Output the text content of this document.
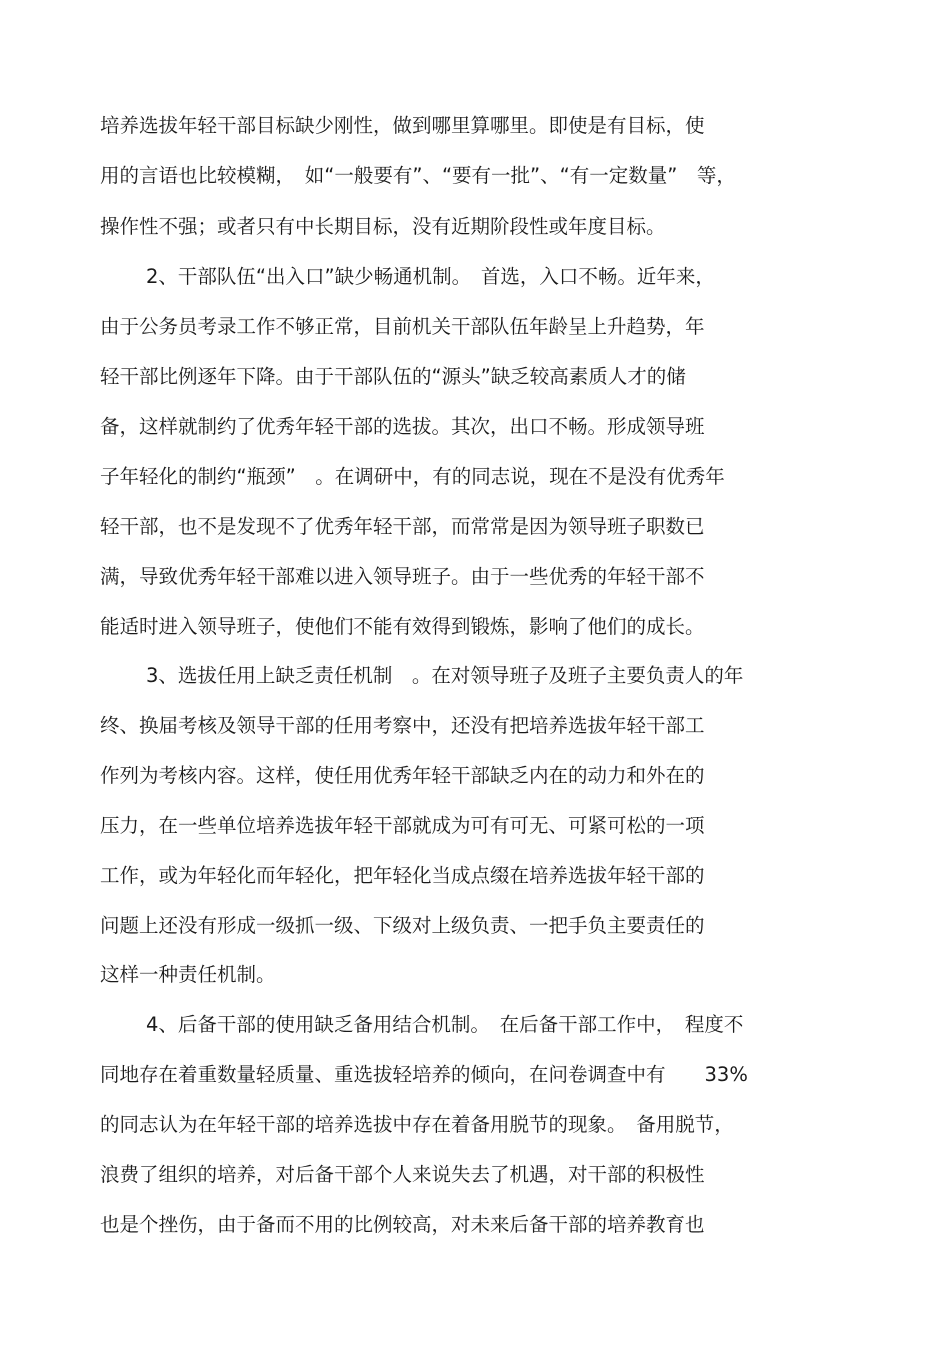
培养选拔年轻干部目标缺少刚性，做到哪里算哪里。即使是有目标，使
用的言语也比较模糊，　如“一般要有”、“要有一批”、“有一定数量”　等，
操作性不强；或者只有中长期目标，没有近期阶段性或年度目标。
2、干部队伍“出入口”缺少畅通机制。　首选，入口不畅。近年来，
由于公务员考录工作不够正常，目前机关干部队伍年龄呈上升趋势，年
轻干部比例逐年下降。由于干部队伍的“源头”缺乏较高素质人才的储
备，这样就制约了优秀年轻干部的选拔。其次，出口不畅。形成领导班
子年轻化的制约“瓶颈”　。在调研中，有的同志说，现在不是没有优秀年
轻干部，也不是发现不了优秀年轻干部，而常常是因为领导班子职数已
满，导致优秀年轻干部难以进入领导班子。由于一些优秀的年轻干部不
能适时进入领导班子，使他们不能有效得到锻炼，影响了他们的成长。
3、选拔任用上缺乏责任机制　。在对领导班子及班子主要负责人的年
终、换届考核及领导干部的任用考察中，还没有把培养选拔年轻干部工
作列为考核内容。这样，使任用优秀年轻干部缺乏内在的动力和外在的
压力，在一些单位培养选拔年轻干部就成为可有可无、可紧可松的一项
工作，或为年轻化而年轻化，把年轻化当成点缀在培养选拔年轻干部的
问题上还没有形成一级抓一级、下级对上级负责、一把手负主要责任的
这样一种责任机制。
4、后备干部的使用缺乏备用结合机制。　在后备干部工作中，　程度不
同地存在着重数量轻质量、重选拔轻培养的倾向，在问卷调查中有　　33%
的同志认为在年轻干部的培养选拔中存在着备用脱节的现象。　备用脱节，
浪费了组织的培养，对后备干部个人来说失去了机遇，对干部的积极性
也是个挫伤，由于备而不用的比例较高，对未来后备干部的培养教育也
